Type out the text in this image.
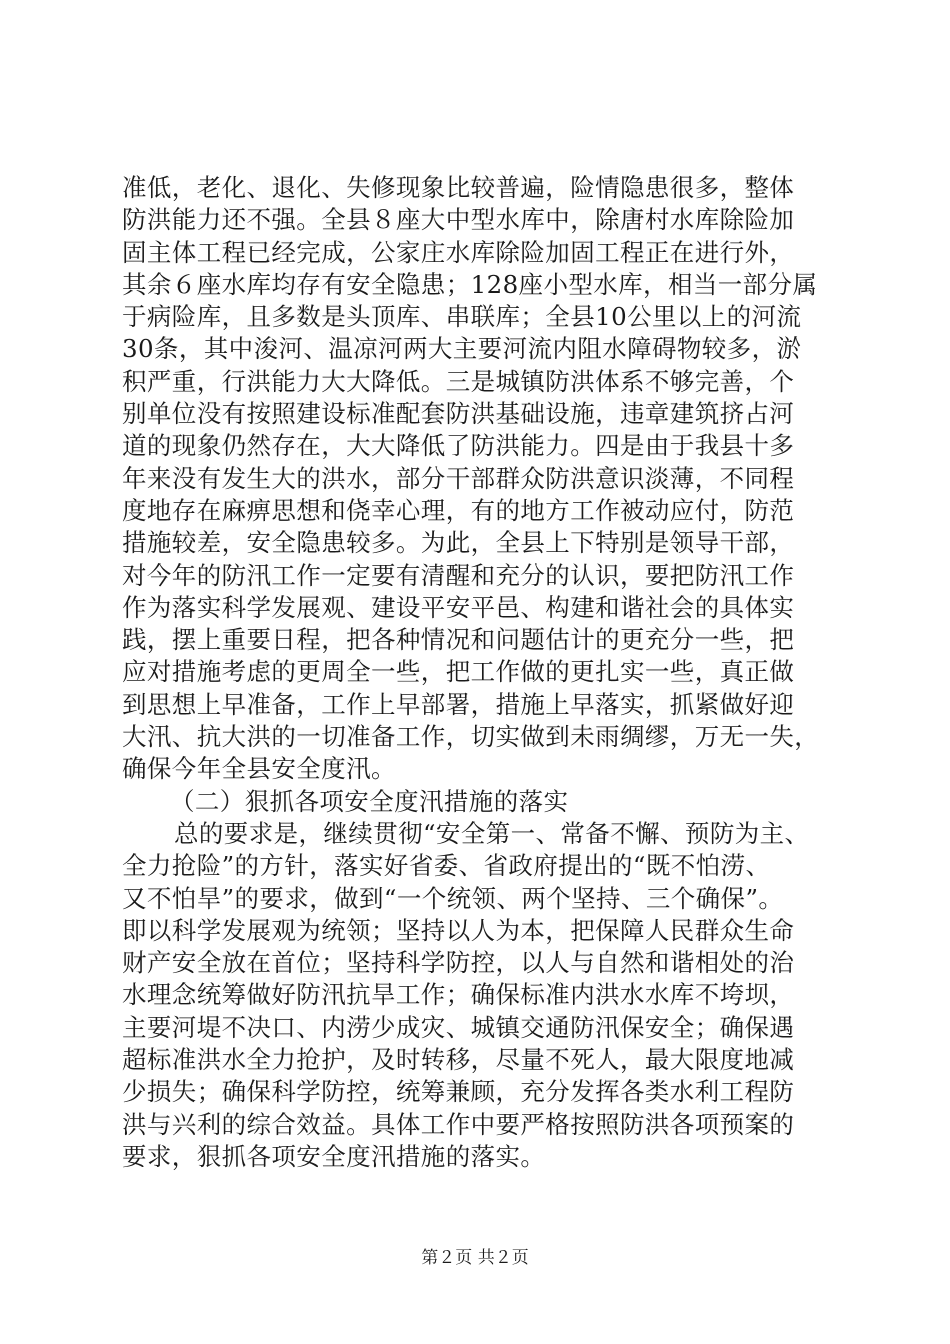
准低，老化、退化、失修现象比较普遍，险情隐患很多，整体
防洪能力还不强。全县８座大中型水库中，除唐村水库除险加
固主体工程已经完成，公家庄水库除险加固工程正在进行外，
其余６座水库均存有安全隐患；128座小型水库，相当一部分属
于病险库，且多数是头顶库、串联库；全县10公里以上的河流
30条，其中浚河、温凉河两大主要河流内阻水障碍物较多，淤
积严重，行洪能力大大降低。三是城镇防洪体系不够完善，个
别单位没有按照建设标准配套防洪基础设施，违章建筑挤占河
道的现象仍然存在，大大降低了防洪能力。四是由于我县十多
年来没有发生大的洪水，部分干部群众防洪意识淡薄，不同程
度地存在麻痹思想和侥幸心理，有的地方工作被动应付，防范
措施较差，安全隐患较多。为此，全县上下特别是领导干部，
对今年的防汛工作一定要有清醒和充分的认识，要把防汛工作
作为落实科学发展观、建设平安平邑、构建和谐社会的具体实
践，摆上重要日程，把各种情况和问题估计的更充分一些，把
应对措施考虑的更周全一些，把工作做的更扎实一些，真正做
到思想上早准备，工作上早部署，措施上早落实，抓紧做好迎
大汛、抗大洪的一切准备工作，切实做到未雨绸缪，万无一失，
确保今年全县安全度汛。
（二）狠抓各项安全度汛措施的落实
总的要求是，继续贯彻“安全第一、常备不懈、预防为主、
全力抢险”的方针，落实好省委、省政府提出的“既不怕涝、
又不怕旱”的要求，做到“一个统领、两个坚持、三个确保”。
即以科学发展观为统领；坚持以人为本，把保障人民群众生命
财产安全放在首位；坚持科学防控，以人与自然和谐相处的治
水理念统筹做好防汛抗旱工作；确保标准内洪水水库不垮坝，
主要河堤不决口、内涝少成灾、城镇交通防汛保安全；确保遇
超标准洪水全力抢护，及时转移，尽量不死人，最大限度地减
少损失；确保科学防控，统筹兼顾，充分发挥各类水利工程防
洪与兴利的综合效益。具体工作中要严格按照防洪各项预案的
要求，狠抓各项安全度汛措施的落实。
第２页 共２页
